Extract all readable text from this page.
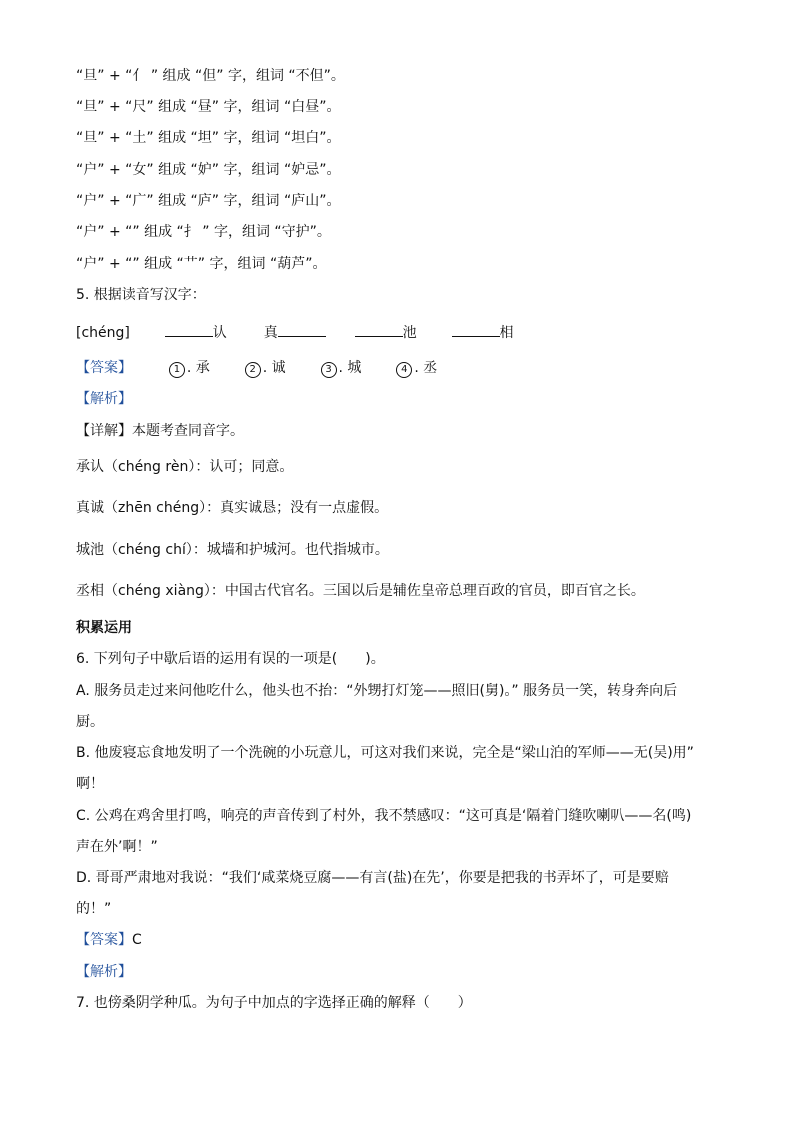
“旦” + “亻 ” 组成 “但” 字，组词 “不但”。
“旦” + “尺” 组成 “昼” 字，组词 “白昼”。
“旦” + “土” 组成 “坦” 字，组词 “坦白”。
“户” + “女” 组成 “妒” 字，组词 “妒忌”。
“户” + “广” 组成 “庐” 字，组词 “庐山”。
“户” + “” 组成 “扌 ” 字，组词 “守护”。
“户” + “” 组成 “艹” 字，组词 “葫芦”。
5. 根据读音写汉字：
[chéng]	认	真	池	相
【答案】	1 . 承	2 . 诚	3 . 城	4 . 丞
【解析】
【详解】本题考查同音字。
承认（chéng rèn）：认可；同意。
真诚（zhēn chéng）：真实诚恳；没有一点虚假。
城池（chéng chí）：城墙和护城河。也代指城市。
丞相（chéng xiàng）：中国古代官名。三国以后是辅佐皇帝总理百政的官员，即百官之长。
积累运用
6. 下列句子中歇后语的运用有误的一项是(　　)。
A. 服务员走过来问他吃什么，他头也不抬：“外甥打灯笼——照旧(舅)。” 服务员一笑，转身奔向后
厨。
B. 他废寝忘食地发明了一个洗碗的小玩意儿，可这对我们来说，完全是“梁山泊的军师——无(吴)用”
啊！
C. 公鸡在鸡舍里打鸣，响亮的声音传到了村外，我不禁感叹：“这可真是‘隔着门缝吹喇叭——名(鸣)
声在外’啊！”
D. 哥哥严肃地对我说：“我们‘咸菜烧豆腐——有言(盐)在先’，你要是把我的书弄坏了，可是要赔
的！”
【答案】C
【解析】
7. 也傍桑阴学种瓜。为句子中加点的字选择正确的解释（　　）
